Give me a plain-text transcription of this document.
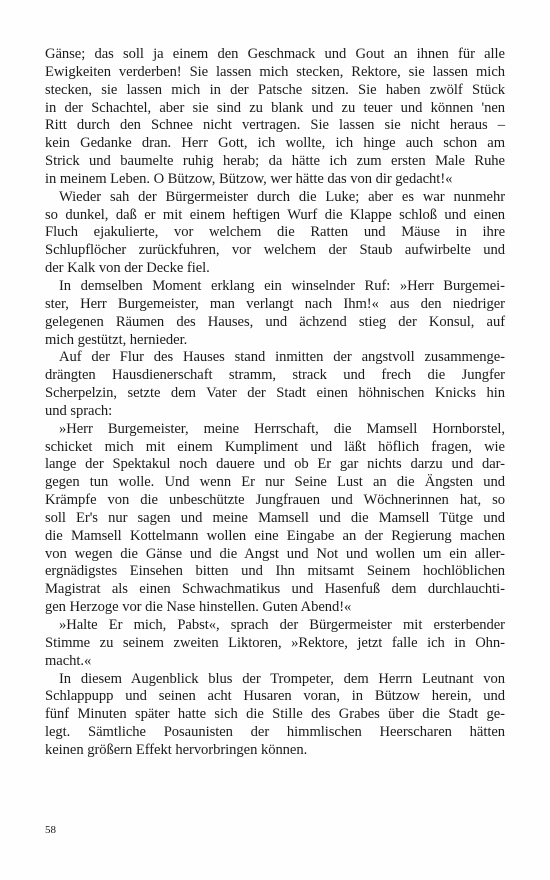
Gänse; das soll ja einem den Geschmack und Gout an ihnen für alle
Ewigkeiten verderben! Sie lassen mich stecken, Rektore, sie lassen mich
stecken, sie lassen mich in der Patsche sitzen. Sie haben zwölf Stück
in der Schachtel, aber sie sind zu blank und zu teuer und können 'nen
Ritt durch den Schnee nicht vertragen. Sie lassen sie nicht heraus –
kein Gedanke dran. Herr Gott, ich wollte, ich hinge auch schon am
Strick und baumelte ruhig herab; da hätte ich zum ersten Male Ruhe
in meinem Leben. O Bützow, Bützow, wer hätte das von dir gedacht!«
Wieder sah der Bürgermeister durch die Luke; aber es war nunmehr
so dunkel, daß er mit einem heftigen Wurf die Klappe schloß und einen
Fluch ejakulierte, vor welchem die Ratten und Mäuse in ihre
Schlupflöcher zurückfuhren, vor welchem der Staub aufwirbelte und
der Kalk von der Decke fiel.
In demselben Moment erklang ein winselnder Ruf: »Herr Burgemei-
ster, Herr Burgemeister, man verlangt nach Ihm!« aus den niedriger
gelegenen Räumen des Hauses, und ächzend stieg der Konsul, auf
mich gestützt, hernieder.
Auf der Flur des Hauses stand inmitten der angstvoll zusammenge-
drängten Hausdienerschaft stramm, strack und frech die Jungfer
Scherpelzin, setzte dem Vater der Stadt einen höhnischen Knicks hin
und sprach:
»Herr Burgemeister, meine Herrschaft, die Mamsell Hornborstel,
schicket mich mit einem Kumpliment und läßt höflich fragen, wie
lange der Spektakul noch dauere und ob Er gar nichts darzu und dar-
gegen tun wolle. Und wenn Er nur Seine Lust an die Ängsten und
Krämpfe von die unbeschützte Jungfrauen und Wöchnerinnen hat, so
soll Er's nur sagen und meine Mamsell und die Mamsell Tütge und
die Mamsell Kottelmann wollen eine Eingabe an der Regierung machen
von wegen die Gänse und die Angst und Not und wollen um ein aller-
ergnädigstes Einsehen bitten und Ihn mitsamt Seinem hochlöblichen
Magistrat als einen Schwachmatikus und Hasenfuß dem durchlauchti-
gen Herzoge vor die Nase hinstellen. Guten Abend!«
»Halte Er mich, Pabst«, sprach der Bürgermeister mit ersterbender
Stimme zu seinem zweiten Liktoren, »Rektore, jetzt falle ich in Ohn-
macht.«
In diesem Augenblick blus der Trompeter, dem Herrn Leutnant von
Schlappupp und seinen acht Husaren voran, in Bützow herein, und
fünf Minuten später hatte sich die Stille des Grabes über die Stadt ge-
legt. Sämtliche Posaunisten der himmlischen Heerscharen hätten
keinen größern Effekt hervorbringen können.
58
